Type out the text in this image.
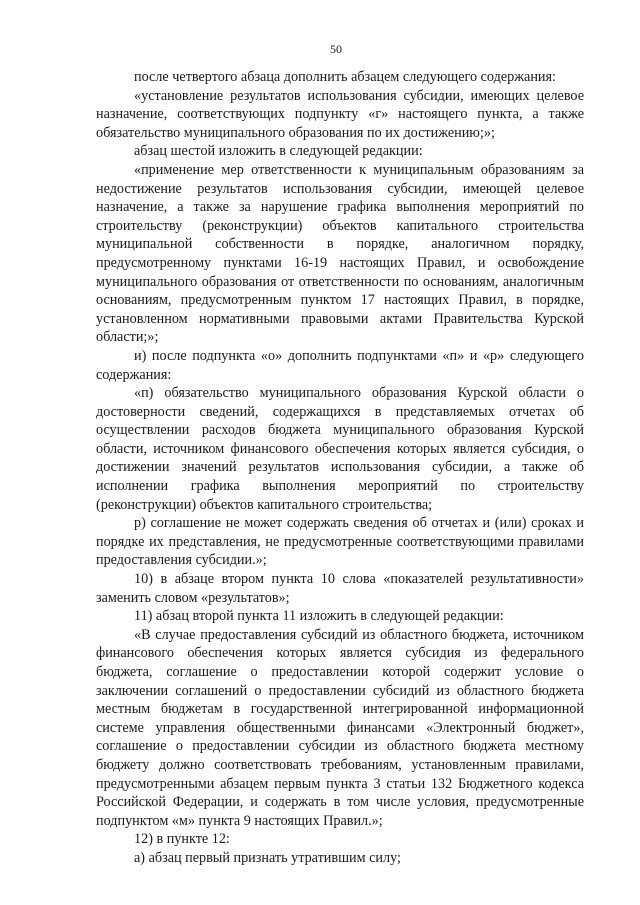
50

после четвертого абзаца дополнить абзацем следующего содержания:

«установление результатов использования субсидии, имеющих целевое назначение, соответствующих подпункту «г» настоящего пункта, а также обязательство муниципального образования по их достижению;»;

абзац шестой изложить в следующей редакции:

«применение мер ответственности к муниципальным образованиям за недостижение результатов использования субсидии, имеющей целевое назначение, а также за нарушение графика выполнения мероприятий по строительству (реконструкции) объектов капитального строительства муниципальной собственности в порядке, аналогичном порядку, предусмотренному пунктами 16-19 настоящих Правил, и освобождение муниципального образования от ответственности по основаниям, аналогичным основаниям, предусмотренным пунктом 17 настоящих Правил, в порядке, установленном нормативными правовыми актами Правительства Курской области;»;

и) после подпункта «о» дополнить подпунктами «п» и «р» следующего содержания:

«п) обязательство муниципального образования Курской области о достоверности сведений, содержащихся в представляемых отчетах об осуществлении расходов бюджета муниципального образования Курской области, источником финансового обеспечения которых является субсидия, о достижении значений результатов использования субсидии, а также об исполнении графика выполнения мероприятий по строительству (реконструкции) объектов капитального строительства;

р) соглашение не может содержать сведения об отчетах и (или) сроках и порядке их представления, не предусмотренные соответствующими правилами предоставления субсидии.»;

10) в абзаце втором пункта 10 слова «показателей результативности» заменить словом «результатов»;

11) абзац второй пункта 11 изложить в следующей редакции:

«В случае предоставления субсидий из областного бюджета, источником финансового обеспечения которых является субсидия из федерального бюджета, соглашение о предоставлении которой содержит условие о заключении соглашений о предоставлении субсидий из областного бюджета местным бюджетам в государственной интегрированной информационной системе управления общественными финансами «Электронный бюджет», соглашение о предоставлении субсидии из областного бюджета местному бюджету должно соответствовать требованиям, установленным правилами, предусмотренными абзацем первым пункта 3 статьи 132 Бюджетного кодекса Российской Федерации, и содержать в том числе условия, предусмотренные подпунктом «м» пункта 9 настоящих Правил.»;

12) в пункте 12:

а) абзац первый признать утратившим силу;
